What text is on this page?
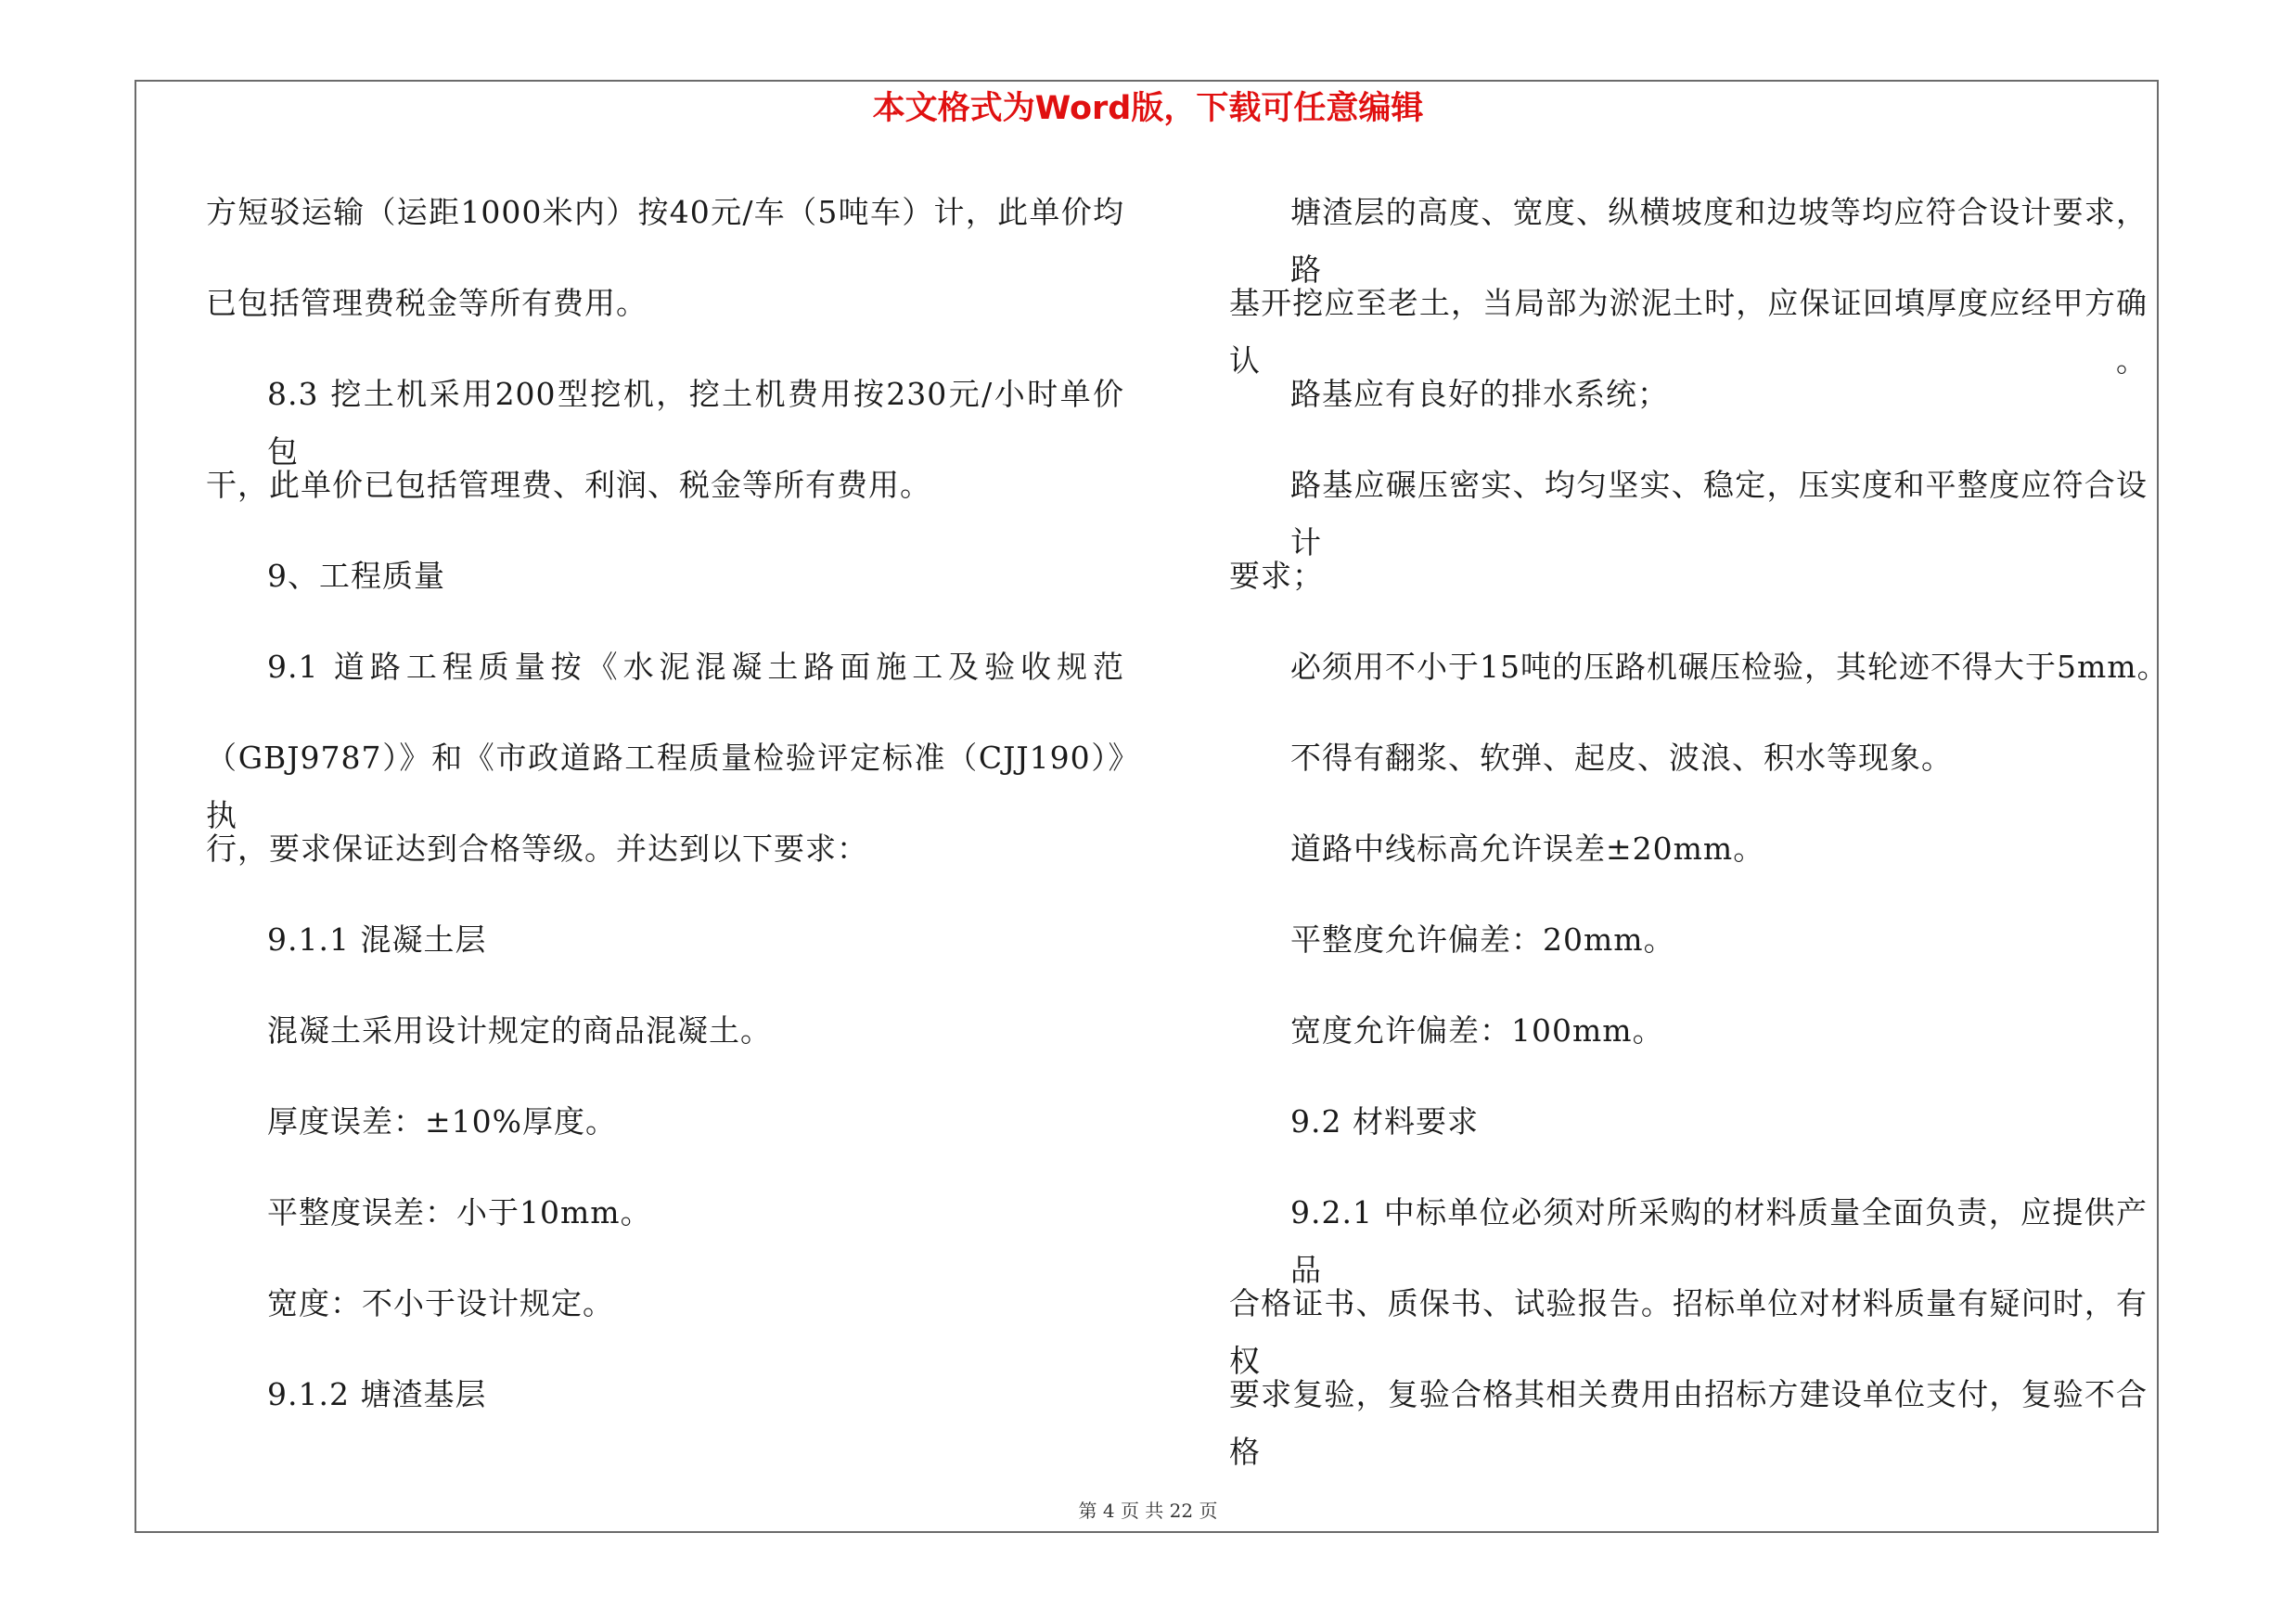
本文格式为Word版，下载可任意编辑

方短驳运输（运距1000米内）按40元/车（5吨车）计，此单价均

已包括管理费税金等所有费用。

8.3 挖土机采用200型挖机，挖土机费用按230元/小时单价包

干，此单价已包括管理费、利润、税金等所有费用。

9、工程质量

9.1 道路工程质量按《水泥混凝土路面施工及验收规范

（GBJ9787）》和《市政道路工程质量检验评定标准（CJJ190）》执

行，要求保证达到合格等级。并达到以下要求：

9.1.1 混凝土层

混凝土采用设计规定的商品混凝土。

厚度误差：±10%厚度。

平整度误差：小于10mm。

宽度：不小于设计规定。

9.1.2 塘渣基层

塘渣层的高度、宽度、纵横坡度和边坡等均应符合设计要求，路

基开挖应至老土，当局部为淤泥土时，应保证回填厚度应经甲方确认。

路基应有良好的排水系统；

路基应碾压密实、均匀坚实、稳定，压实度和平整度应符合设计

要求；

必须用不小于15吨的压路机碾压检验，其轮迹不得大于5mm。

不得有翻浆、软弹、起皮、波浪、积水等现象。

道路中线标高允许误差±20mm。

平整度允许偏差：20mm。

宽度允许偏差：100mm。

9.2 材料要求

9.2.1 中标单位必须对所采购的材料质量全面负责，应提供产品

合格证书、质保书、试验报告。招标单位对材料质量有疑问时，有权

要求复验，复验合格其相关费用由招标方建设单位支付，复验不合格

第 4 页 共 22 页
